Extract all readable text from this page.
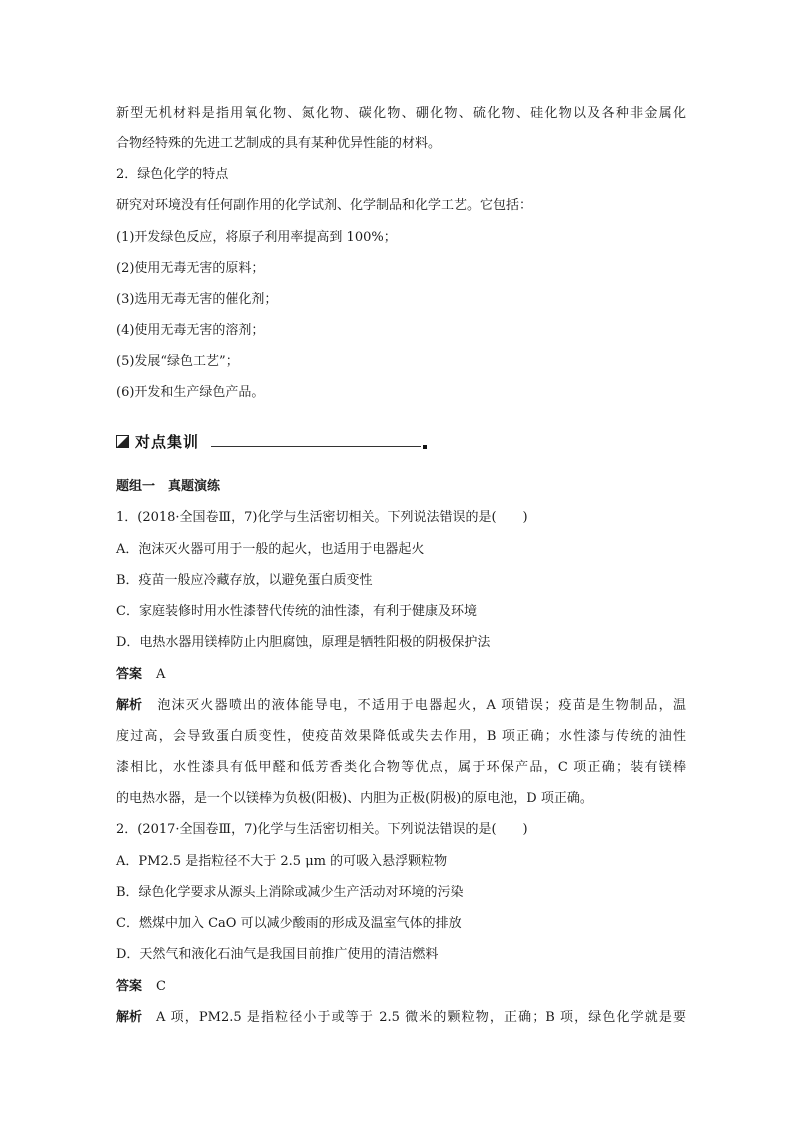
新型无机材料是指用氧化物、氮化物、碳化物、硼化物、硫化物、硅化物以及各种非金属化
合物经特殊的先进工艺制成的具有某种优异性能的材料。
2．绿色化学的特点
研究对环境没有任何副作用的化学试剂、化学制品和化学工艺。它包括：
(1)开发绿色反应，将原子利用率提高到 100%；
(2)使用无毒无害的原料；
(3)选用无毒无害的催化剂；
(4)使用无毒无害的溶剂；
(5)发展“绿色工艺”；
(6)开发和生产绿色产品。
对点集训
题组一　真题演练
1．(2018·全国卷Ⅲ，7)化学与生活密切相关。下列说法错误的是(　　)
A．泡沫灭火器可用于一般的起火，也适用于电器起火
B．疫苗一般应冷藏存放，以避免蛋白质变性
C．家庭装修时用水性漆替代传统的油性漆，有利于健康及环境
D．电热水器用镁棒防止内胆腐蚀，原理是牺牲阳极的阴极保护法
答案 A
解析 泡沫灭火器喷出的液体能导电，不适用于电器起火，A 项错误；疫苗是生物制品，温
度过高，会导致蛋白质变性，使疫苗效果降低或失去作用，B 项正确；水性漆与传统的油性
漆相比，水性漆具有低甲醛和低芳香类化合物等优点，属于环保产品，C 项正确；装有镁棒
的电热水器，是一个以镁棒为负极(阳极)、内胆为正极(阴极)的原电池，D 项正确。
2．(2017·全国卷Ⅲ，7)化学与生活密切相关。下列说法错误的是(　　)
A．PM2.5 是指粒径不大于 2.5 μm 的可吸入悬浮颗粒物
B．绿色化学要求从源头上消除或减少生产活动对环境的污染
C．燃煤中加入 CaO 可以减少酸雨的形成及温室气体的排放
D．天然气和液化石油气是我国目前推广使用的清洁燃料
答案 C
解析 A 项，PM2.5 是指粒径小于或等于 2.5 微米的颗粒物，正确；B 项，绿色化学就是要
